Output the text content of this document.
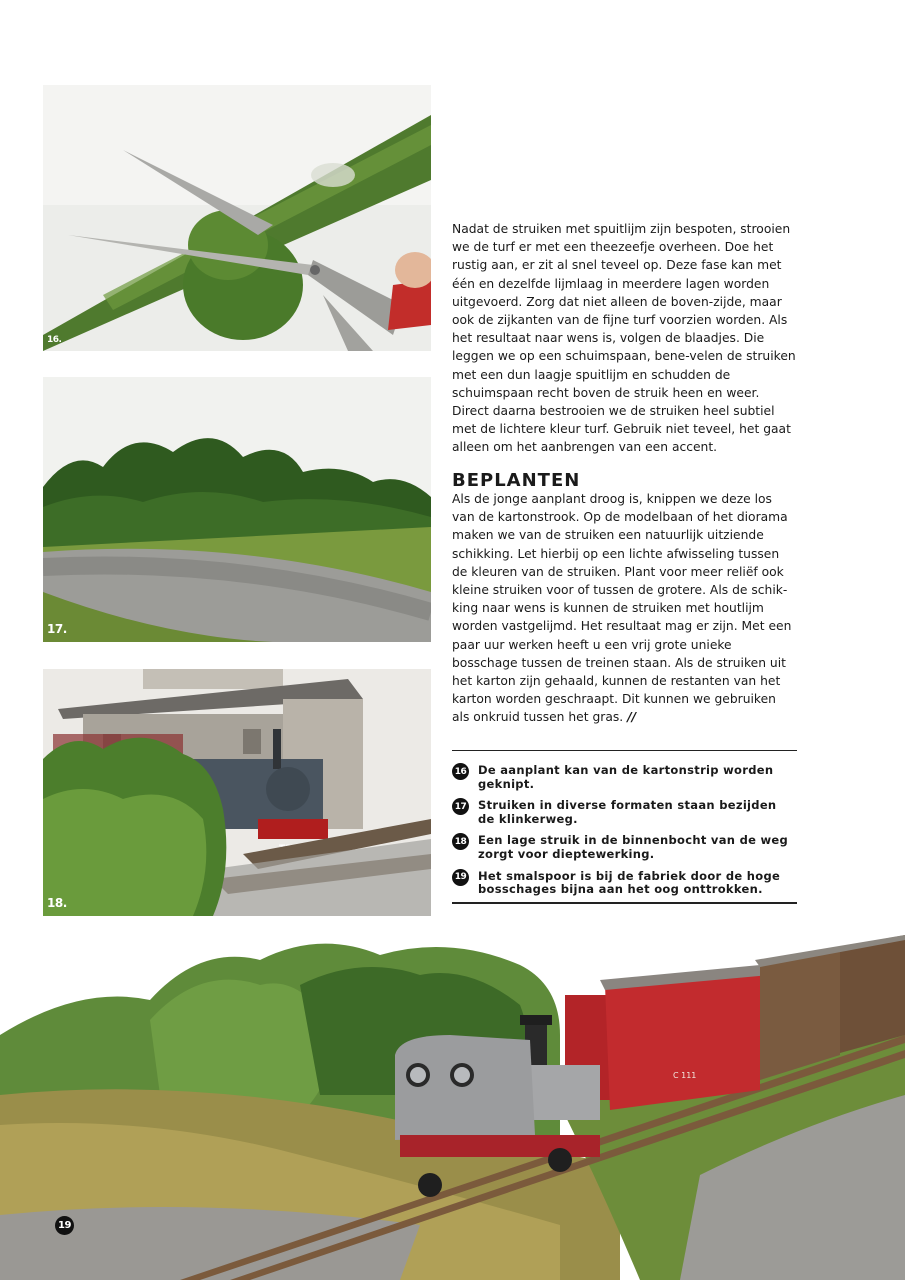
16.
17.
18.

Nadat de struiken met spuitlijm zijn bespoten, strooien we de turf er met een theezeefje overheen. Doe het rustig aan, er zit al snel teveel op. Deze fase kan met één en dezelfde lijmlaag in meerdere lagen worden uitgevoerd. Zorg dat niet alleen de boven-zijde, maar ook de zijkanten van de fijne turf voorzien worden. Als het resultaat naar wens is, volgen de blaadjes. Die leggen we op een schuimspaan, bene-velen de struiken met een dun laagje spuitlijm en schudden de schuimspaan recht boven de struik heen en weer. Direct daarna bestrooien we de struiken heel subtiel met de lichtere kleur turf. Gebruik niet teveel, het gaat alleen om het aanbrengen van een accent.

BEPLANTEN

Als de jonge aanplant droog is, knippen we deze los van de kartonstrook. Op de modelbaan of het diorama maken we van de struiken een natuurlijk uitziende schikking. Let hierbij op een lichte afwisseling tussen de kleuren van de struiken. Plant voor meer reliëf ook kleine struiken voor of tussen de grotere. Als de schik-king naar wens is kunnen de struiken met houtlijm worden vastgelijmd. Het resultaat mag er zijn. Met een paar uur werken heeft u een vrij grote unieke bosschage tussen de treinen staan. Als de struiken uit het karton zijn gehaald, kunnen de restanten van het karton worden geschraapt. Dit kunnen we gebruiken als onkruid tussen het gras. //

16 De aanplant kan van de kartonstrip worden geknipt.
17 Struiken in diverse formaten staan bezijden de klinkerweg.
18 Een lage struik in de binnenbocht van de weg zorgt voor dieptewerking.
19 Het smalspoor is bij de fabriek door de hoge bosschages bijna aan het oog onttrokken.
C 111
19
